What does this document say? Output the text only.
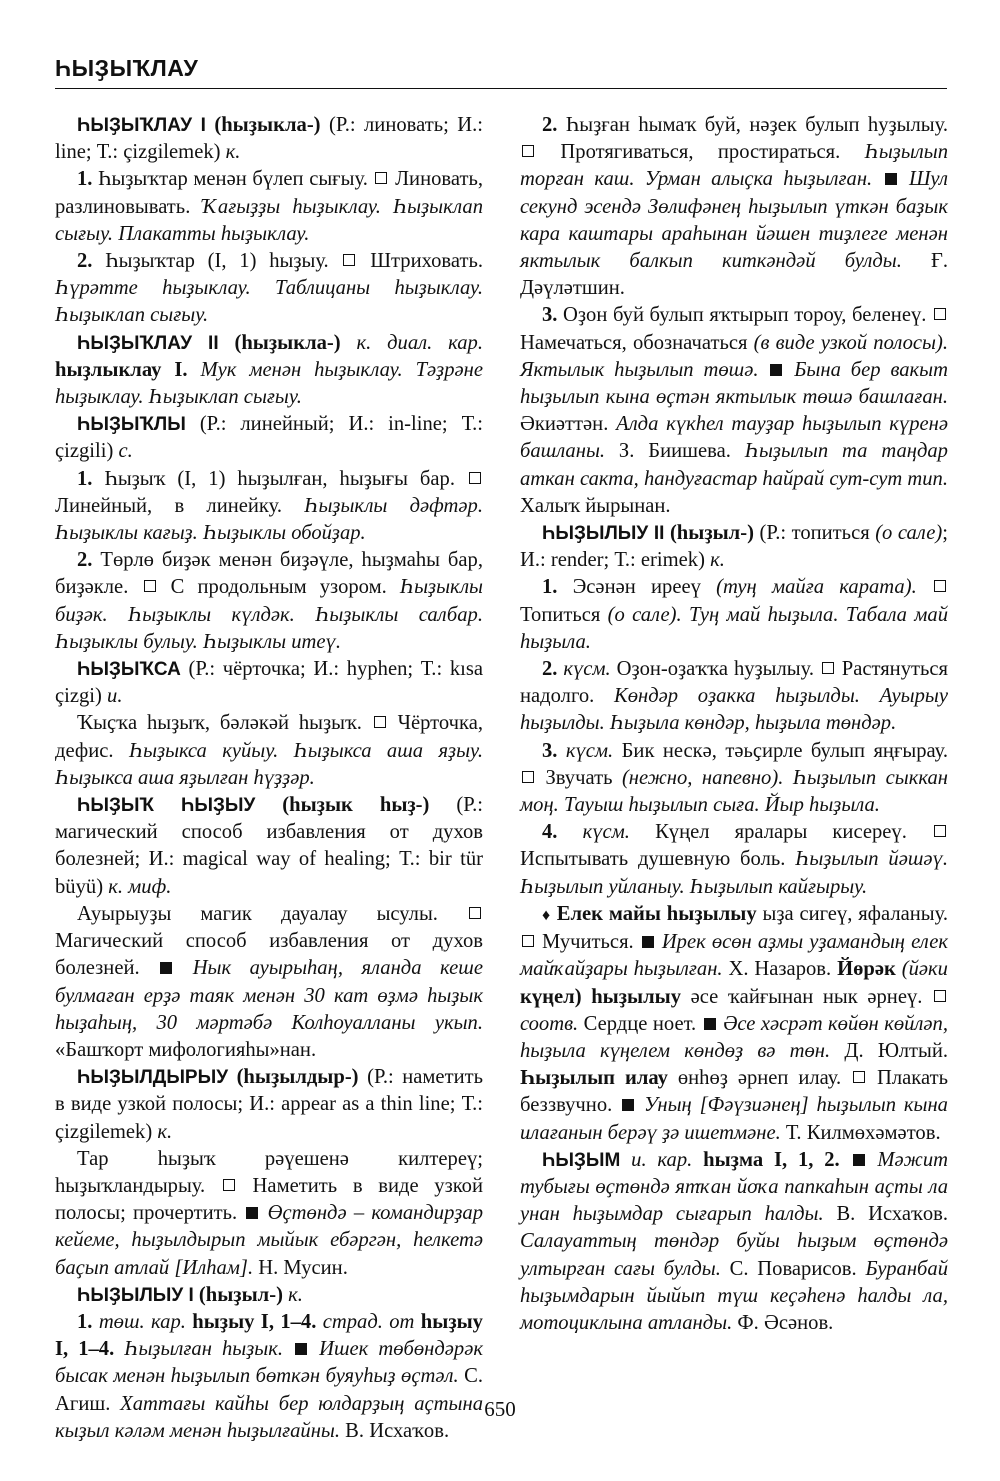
ҺЫҘЫҠЛАУ

ҺЫҘЫҠЛАУ I (һыҙыкла-) (Р.: линовать; И.: line; Т.: çizgilemek) к.

1. Һыҙыҡтар менән бүлеп сығыу.  Линовать, разлиновывать. Ҡағыҙҙы һыҙыклау. Һыҙыклап сығыу. Плакатты һыҙыклау.

2. Һыҙыҡтар (I, 1) һыҙыу.  Штриховать. Һүрәтте һыҙыклау. Таблицаны һыҙыклау. Һыҙыклап сығыу.

ҺЫҘЫҠЛАУ II (һыҙыкла-) к. диал. кар. һыҙлыклау I. Мук менән һыҙыклау. Тәҙрәне һыҙыклау. Һыҙыклап сығыу.

ҺЫҘЫҠЛЫ (Р.: линейный; И.: in-line; Т.: çizgili) с.

1. Һыҙыҡ (I, 1) һыҙылған, һыҙығы бар.  Линейный, в линейку. Һыҙыклы дәфтәр. Һыҙыклы кағыҙ. Һыҙыклы обойҙар.

2. Төрлө биҙәк менән биҙәүле, һыҙмаһы бар, биҙәкле.  С продольным узором. Һыҙыклы биҙәк. Һыҙыклы күлдәк. Һыҙыклы салбар. Һыҙыклы булыу. Һыҙыклы итеү.

ҺЫҘЫҠСА (Р.: чёрточка; И.: hyphen; Т.: kısa çizgi) и.

Ҡыҫҡа һыҙыҡ, бәләкәй һыҙыҡ.  Чёрточка, дефис. Һыҙыкса куйыу. Һыҙыкса аша яҙыу. Һыҙыкса аша яҙылған һүҙҙәр.

ҺЫҘЫҠ ҺЫҘЫУ (һыҙык һыҙ-) (Р.: магический способ избавления от духов болезней; И.: magical way of healing; Т.: bir tür büyü) к. миф.

Ауырыуҙы магик дауалау ысулы.  Магический способ избавления от духов болезней.  Нык ауырыһаң, яланда кеше булмаған ерҙә таяк менән 30 кат өҙмә һыҙык һыҙаһың, 30 мәртәбә Колһоуалланы укып. «Башҡорт мифологияһы»нан.

ҺЫҘЫЛДЫРЫУ (һыҙылдыр-) (Р.: наметить в виде узкой полосы; И.: appear as a thin line; Т.: çizgilemek) к.

Тар һыҙыҡ рәүешенә килтереү; һыҙыҡландырыу.  Наметить в виде узкой полосы; прочертить.  Өҫтөндә – командирҙар кейеме, һыҙылдырып мыйык ебәргән, һелкетә баҫып атлай [Илһам]. Н. Мусин.

ҺЫҘЫЛЫУ I (һыҙыл-) к.

1. төш. кар. һыҙыу I, 1–4. страд. от һыҙыу I, 1–4. Һыҙылған һыҙык. Ишек төбөндәрәк бысак менән һыҙылып бөткән буяуһыҙ өҫтәл. С. Агиш. Хаттағы кайһы бер юлдарҙың аҫтына кыҙыл кәләм менән һыҙылғайны. В. Исхаҡов.

2. Һыҙған һымаҡ буй, нәҙек булып һуҙылыу.  Протягиваться, простираться. Һыҙылып торған каш. Урман алыҫка һыҙылған. Шул секунд эсендә Зөлифәнең һыҙылып үткән баҙык кара каштары араһынан йәшен тиҙлеге менән яктылык балкып киткәндәй булды. Ғ. Дәүләтшин.

3. Оҙон буй булып яҡтырып тороу, беленеү.  Намечаться, обозначаться (в виде узкой полосы). Яктылык һыҙылып төшә. Бына бер вакыт һыҙылып кына өҫтән яктылык төшә башлаған. Әкиәттән. Алда күкһел тауҙар һыҙылып күренә башланы. З. Биишева. Һыҙылып та таңдар аткан сакта, һандуғастар һайрай сут-сут тип. Халыҡ йырынан.

ҺЫҘЫЛЫУ II (һыҙыл-) (Р.: топиться (о сале); И.: render; Т.: erimek) к.

1. Эсәнән ирееү (туң майға карата).  Топиться (о сале). Туң май һыҙыла. Табала май һыҙыла.

2. күсм. Оҙон-оҙаҡҡа һуҙылыу.  Растянуться надолго. Көндәр оҙакка һыҙылды. Ауырыу һыҙылды. Һыҙыла көндәр, һыҙыла төндәр.

3. күсм. Бик нескә, тәьҫирле булып яңғырау.  Звучать (нежно, напевно). Һыҙылып сыккан моң. Тауыш һыҙылып сыға. Йыр һыҙыла.

4. күсм. Күңел яралары кисереү.  Испытывать душевную боль. Һыҙылып йәшәү. Һыҙылып уйланыу. Һыҙылып кайғырыу.

♦ Елек майы һыҙылыу ыҙа сигеү, яфаланыу.  Мучиться.  Ирек өсөн аҙмы уҙамандың елек майҡайҙары һыҙылған. Х. Назаров. Йөрәк (йәки күңел) һыҙылыу әсе ҡайғынан нык әрнеү.  соотв. Сердце ноет.  Әсе хәсрәт көйөн көйләп, һыҙыла күңелем көндөҙ вә төн. Д. Юлтый. Һыҙылып илау өнһөҙ әрнеп илау.  Плакать беззвучно.  Уның [Фәүзиәнең] һыҙылып кына илағанын берәү ҙә ишетмәне. Т. Килмөхәмәтов.

ҺЫҘЫМ и. кар. һыҙма I, 1, 2. Мәжит тубығы өҫтөндә ятҡан йоҡа папкаһын аҫты ла унан һыҙымдар сығарып һалды. В. Исхаҡов. Салауаттың төндәр буйы һыҙым өҫтөндә ултырған сағы булды. С. Поварисов. Буранбай һыҙымдарын йыйып түш кеҫәһенә һалды ла, мотоциклына атланды. Ф. Әсәнов.

650
